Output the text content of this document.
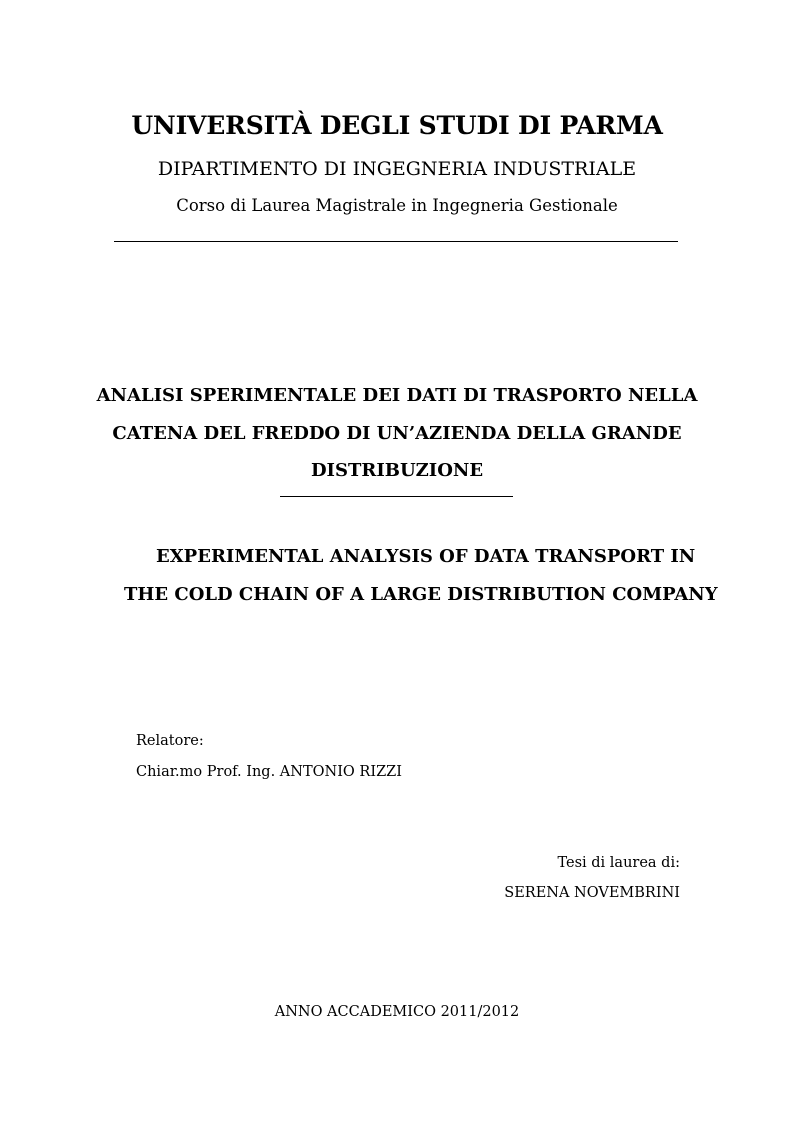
UNIVERSITÀ DEGLI STUDI DI PARMA
DIPARTIMENTO DI INGEGNERIA INDUSTRIALE
Corso di Laurea Magistrale in Ingegneria Gestionale
ANALISI SPERIMENTALE DEI DATI DI TRASPORTO NELLA CATENA DEL FREDDO DI UN’AZIENDA DELLA GRANDE DISTRIBUZIONE
EXPERIMENTAL ANALYSIS OF DATA TRANSPORT IN
THE COLD CHAIN OF A LARGE DISTRIBUTION COMPANY
Relatore:
Chiar.mo Prof. Ing. ANTONIO RIZZI
Tesi di laurea di:
SERENA NOVEMBRINI
ANNO ACCADEMICO 2011/2012
